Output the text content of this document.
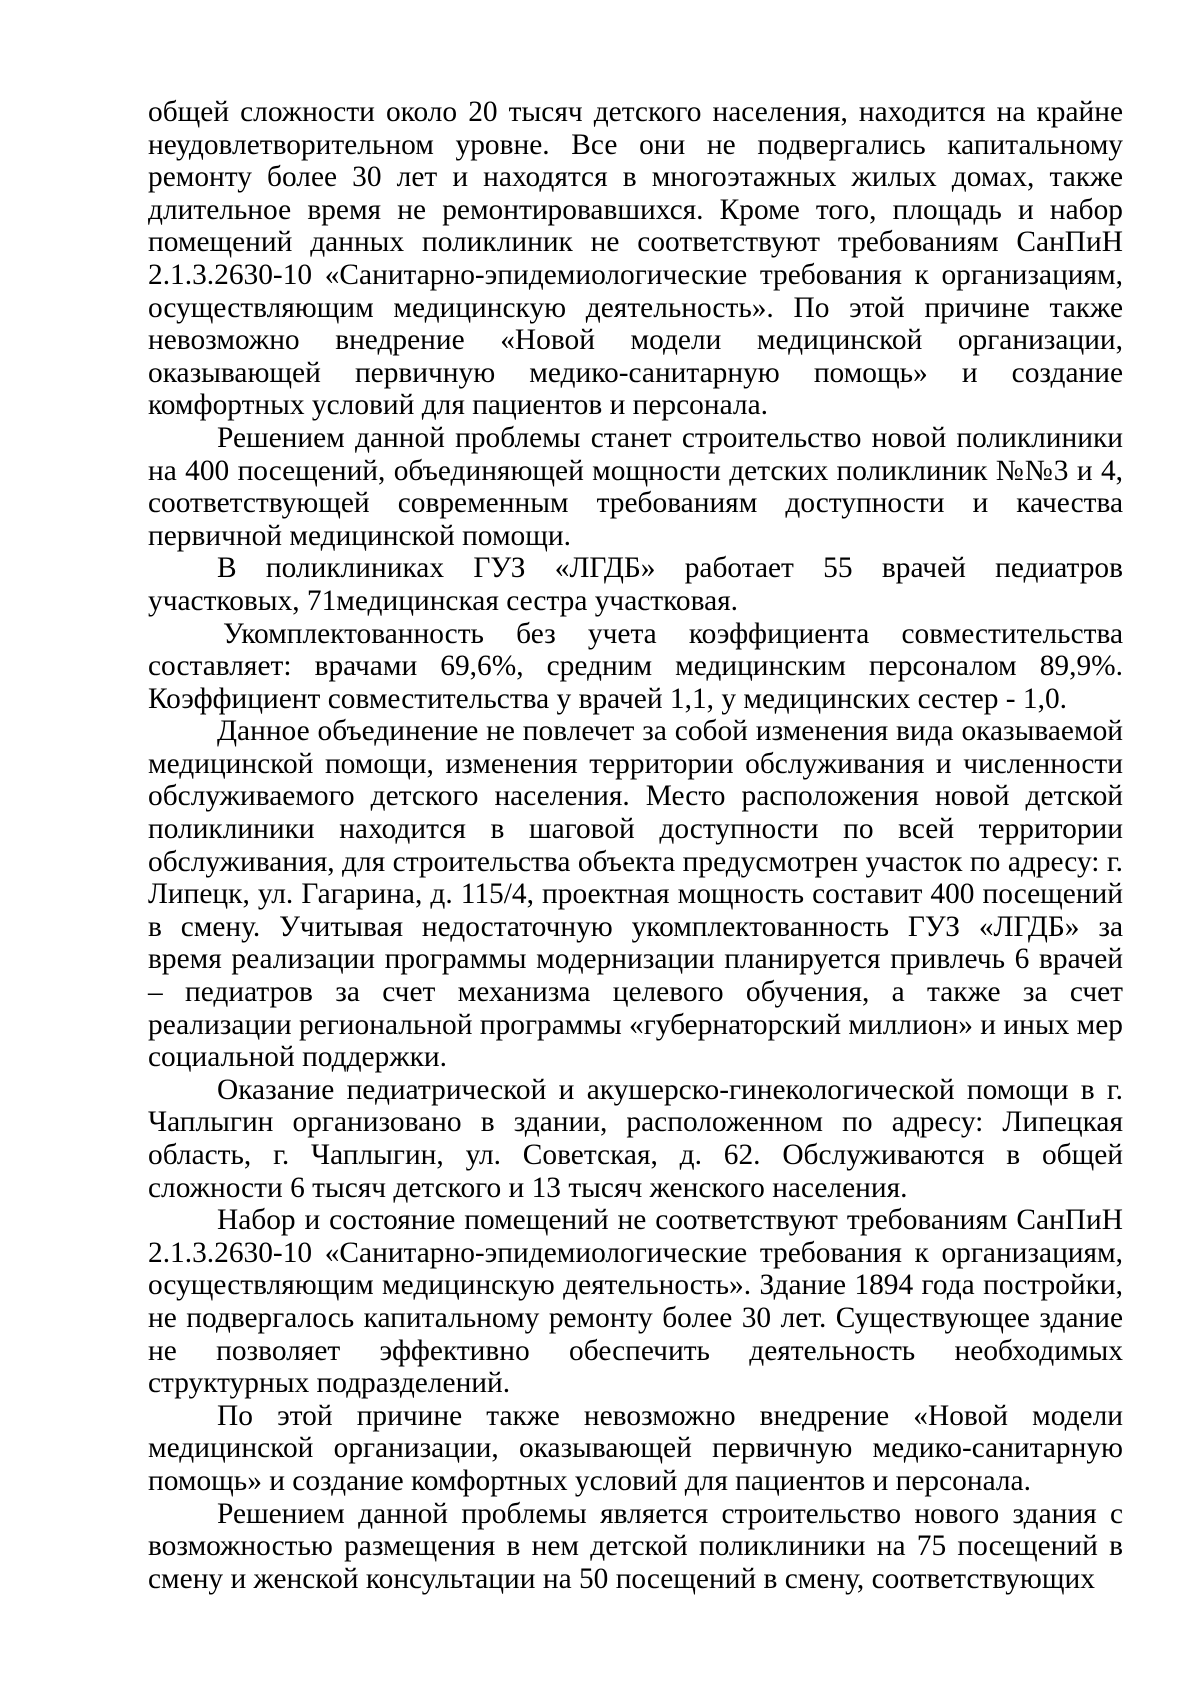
общей сложности около 20 тысяч детского населения, находится на крайне неудовлетворительном уровне. Все они не подвергались капитальному ремонту более 30 лет и находятся в многоэтажных жилых домах, также длительное время не ремонтировавшихся. Кроме того, площадь и набор помещений данных поликлиник не соответствуют требованиям СанПиН 2.1.3.2630-10 «Санитарно-эпидемиологические требования к организациям, осуществляющим медицинскую деятельность». По этой причине также невозможно внедрение «Новой модели медицинской организации, оказывающей первичную медико-санитарную помощь» и создание комфортных условий для пациентов и персонала.

Решением данной проблемы станет строительство новой поликлиники на 400 посещений, объединяющей мощности детских поликлиник №№3 и 4, соответствующей современным требованиям доступности и качества первичной медицинской помощи.

В поликлиниках ГУЗ «ЛГДБ» работает 55 врачей педиатров участковых, 71медицинская сестра участковая.

Укомплектованность без учета коэффициента совместительства составляет: врачами 69,6%, средним медицинским персоналом 89,9%. Коэффициент совместительства у врачей 1,1, у медицинских сестер - 1,0.

Данное объединение не повлечет за собой изменения вида оказываемой медицинской помощи, изменения территории обслуживания и численности обслуживаемого детского населения. Место расположения новой детской поликлиники находится в шаговой доступности по всей территории обслуживания, для строительства объекта предусмотрен участок по адресу: г. Липецк, ул. Гагарина, д. 115/4, проектная мощность составит 400 посещений в смену. Учитывая недостаточную укомплектованность ГУЗ «ЛГДБ» за время реализации программы модернизации планируется привлечь 6 врачей – педиатров за счет механизма целевого обучения, а также за счет реализации региональной программы «губернаторский миллион» и иных мер социальной поддержки.

Оказание педиатрической и акушерско-гинекологической помощи в г. Чаплыгин организовано в здании, расположенном по адресу: Липецкая область, г. Чаплыгин, ул. Советская, д. 62. Обслуживаются в общей сложности 6 тысяч детского и 13 тысяч женского населения.

Набор и состояние помещений не соответствуют требованиям СанПиН 2.1.3.2630-10 «Санитарно-эпидемиологические требования к организациям, осуществляющим медицинскую деятельность». Здание 1894 года постройки, не подвергалось капитальному ремонту более 30 лет. Существующее здание не позволяет эффективно обеспечить деятельность необходимых структурных подразделений.

По этой причине также невозможно внедрение «Новой модели медицинской организации, оказывающей первичную медико-санитарную помощь» и создание комфортных условий для пациентов и персонала.

Решением данной проблемы является строительство нового здания с возможностью размещения в нем детской поликлиники на 75 посещений в смену и женской консультации на 50 посещений в смену, соответствующих
